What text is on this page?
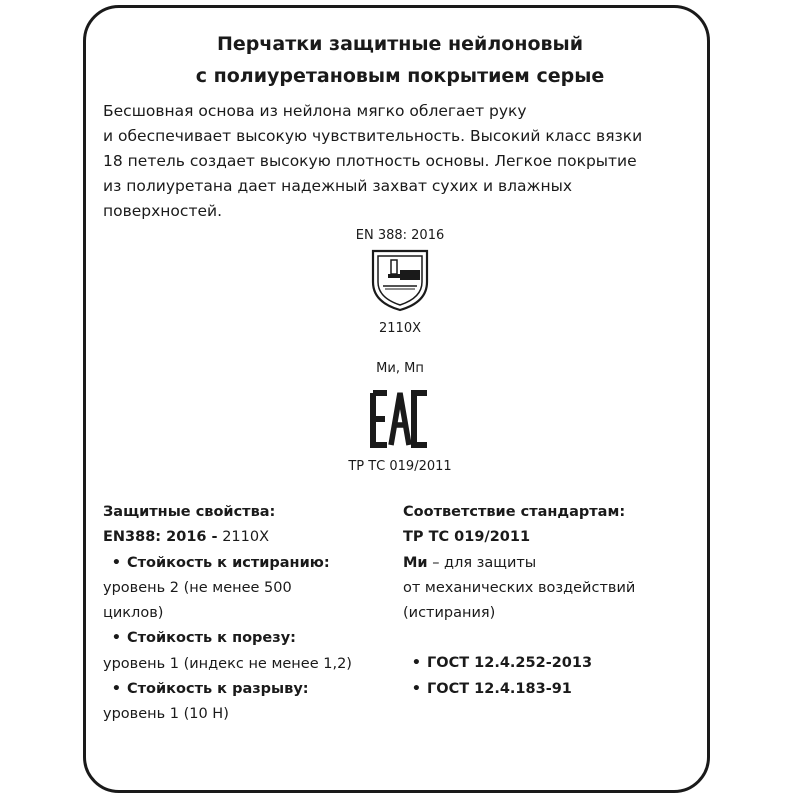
Перчатки защитные нейлоновый
с полиуретановым покрытием серые
Бесшовная основа из нейлона мягко облегает руку
и обеспечивает высокую чувствительность. Высокий класс вязки
18 петель создает высокую плотность основы. Легкое покрытие
из полиуретана дает надежный захват сухих и влажных
поверхностей.
EN 388: 2016
2110X
Ми, Мп
EAC
ТР ТС 019/2011
Защитные свойства:
EN388: 2016 - 2110X
• Стойкость к истиранию:
уровень 2 (не менее 500
циклов)
• Стойкость к порезу:
уровень 1 (индекс не менее 1,2)
• Стойкость к разрыву:
уровень 1 (10 Н)
Соответствие стандартам:
ТР ТС 019/2011
Ми – для защиты
от механических воздействий
(истирания)
• ГОСТ 12.4.252-2013
• ГОСТ 12.4.183-91
